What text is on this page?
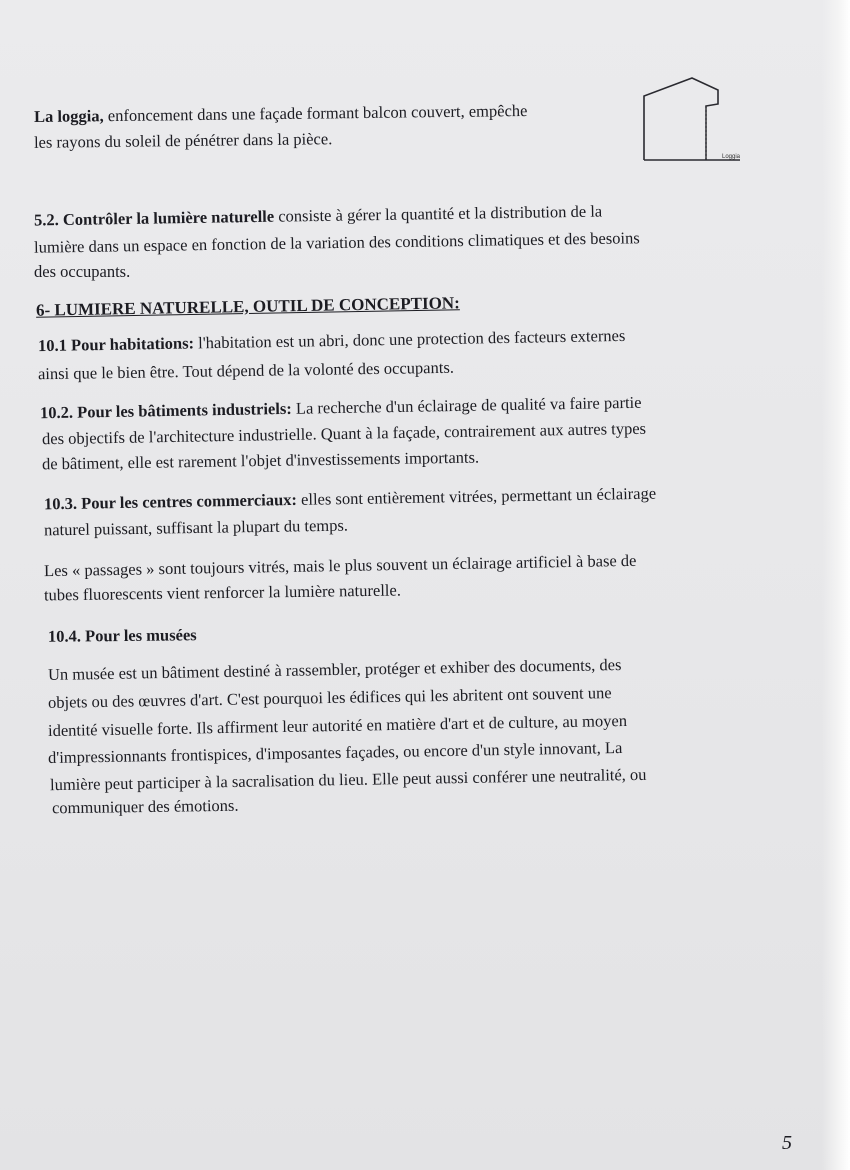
La loggia, enfoncement dans une façade formant balcon couvert, empêche
les rayons du soleil de pénétrer dans la pièce.
Loggia
5.2. Contrôler la lumière naturelle consiste à gérer la quantité et la distribution de la
lumière dans un espace en fonction de la variation des conditions climatiques et des besoins
des occupants.
6- LUMIERE NATURELLE, OUTIL DE CONCEPTION:
10.1 Pour habitations: l'habitation est un abri, donc une protection des facteurs externes
ainsi que le bien être. Tout dépend de la volonté des occupants.
10.2. Pour les bâtiments industriels: La recherche d'un éclairage de qualité va faire partie
des objectifs de l'architecture industrielle. Quant à la façade, contrairement aux autres types
de bâtiment, elle est rarement l'objet d'investissements importants.
10.3. Pour les centres commerciaux: elles sont entièrement vitrées, permettant un éclairage
naturel puissant, suffisant la plupart du temps.
Les « passages » sont toujours vitrés, mais le plus souvent un éclairage artificiel à base de
tubes fluorescents vient renforcer la lumière naturelle.
10.4. Pour les musées
Un musée est un bâtiment destiné à rassembler, protéger et exhiber des documents, des
objets ou des œuvres d'art. C'est pourquoi les édifices qui les abritent ont souvent une
identité visuelle forte. Ils affirment leur autorité en matière d'art et de culture, au moyen
d'impressionnants frontispices, d'imposantes façades, ou encore d'un style innovant, La
lumière peut participer à la sacralisation du lieu. Elle peut aussi conférer une neutralité, ou
communiquer des émotions.
5
